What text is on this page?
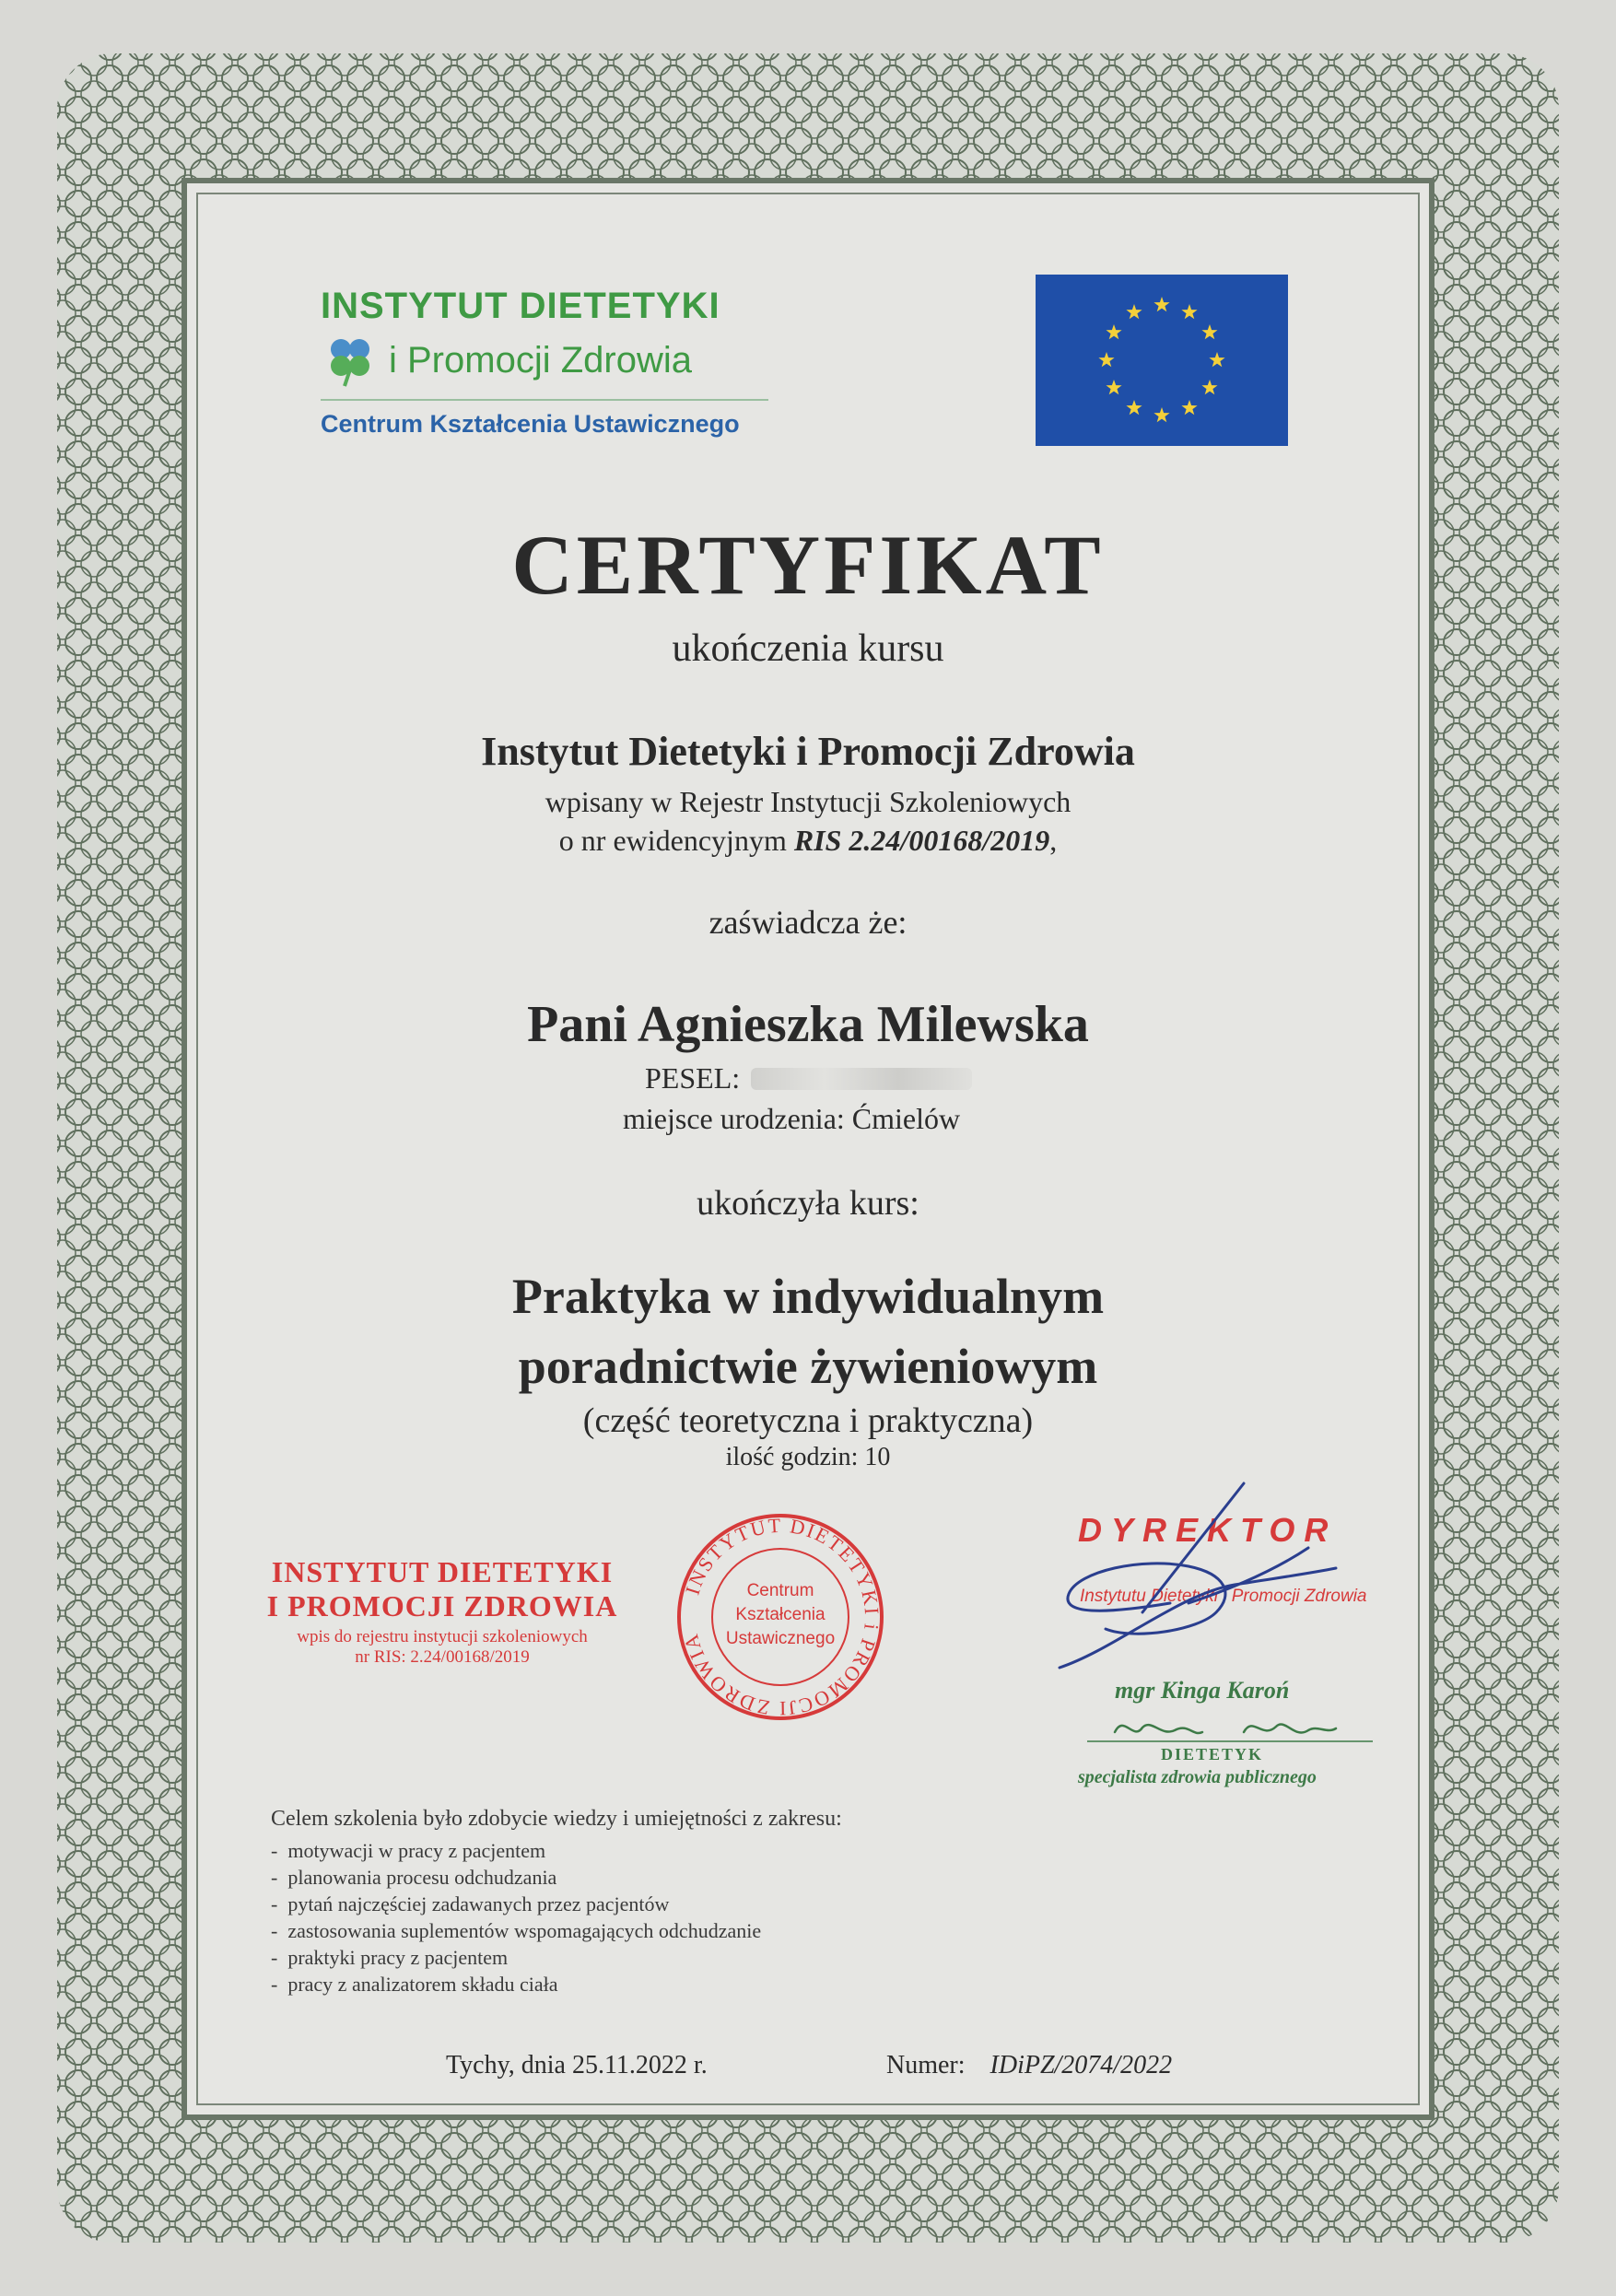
INSTYTUT DIETETYKI
i Promocji Zdrowia
Centrum Kształcenia Ustawicznego
CERTYFIKAT
ukończenia kursu
Instytut Dietetyki i Promocji Zdrowia
wpisany w Rejestr Instytucji Szkoleniowych
o nr ewidencyjnym RIS 2.24/00168/2019,
zaświadcza że:
Pani Agnieszka Milewska
PESEL:
miejsce urodzenia: Ćmielów
ukończyła kurs:
Praktyka w indywidualnym
poradnictwie żywieniowym
(część teoretyczna i praktyczna)
ilość godzin: 10
INSTYTUT DIETETYKI
I PROMOCJI ZDROWIA
wpis do rejestru instytucji szkoleniowych
nr RIS: 2.24/00168/2019
INSTYTUT DIETETYKI i PROMOCJI ZDROWIA
Centrum
Kształcenia
Ustawicznego
DYREKTOR
Instytutu Dietetyki i Promocji Zdrowia
mgr Kinga Karoń
DIETETYK
specjalista zdrowia publicznego
Celem szkolenia było zdobycie wiedzy i umiejętności z zakresu:
-  motywacji w pracy z pacjentem
-  planowania procesu odchudzania
-  pytań najczęściej zadawanych przez pacjentów
-  zastosowania suplementów wspomagających odchudzanie
-  praktyki pracy z pacjentem
-  pracy z analizatorem składu ciała
Tychy, dnia 25.11.2022 r.	Numer: IDiPZ/2074/2022
